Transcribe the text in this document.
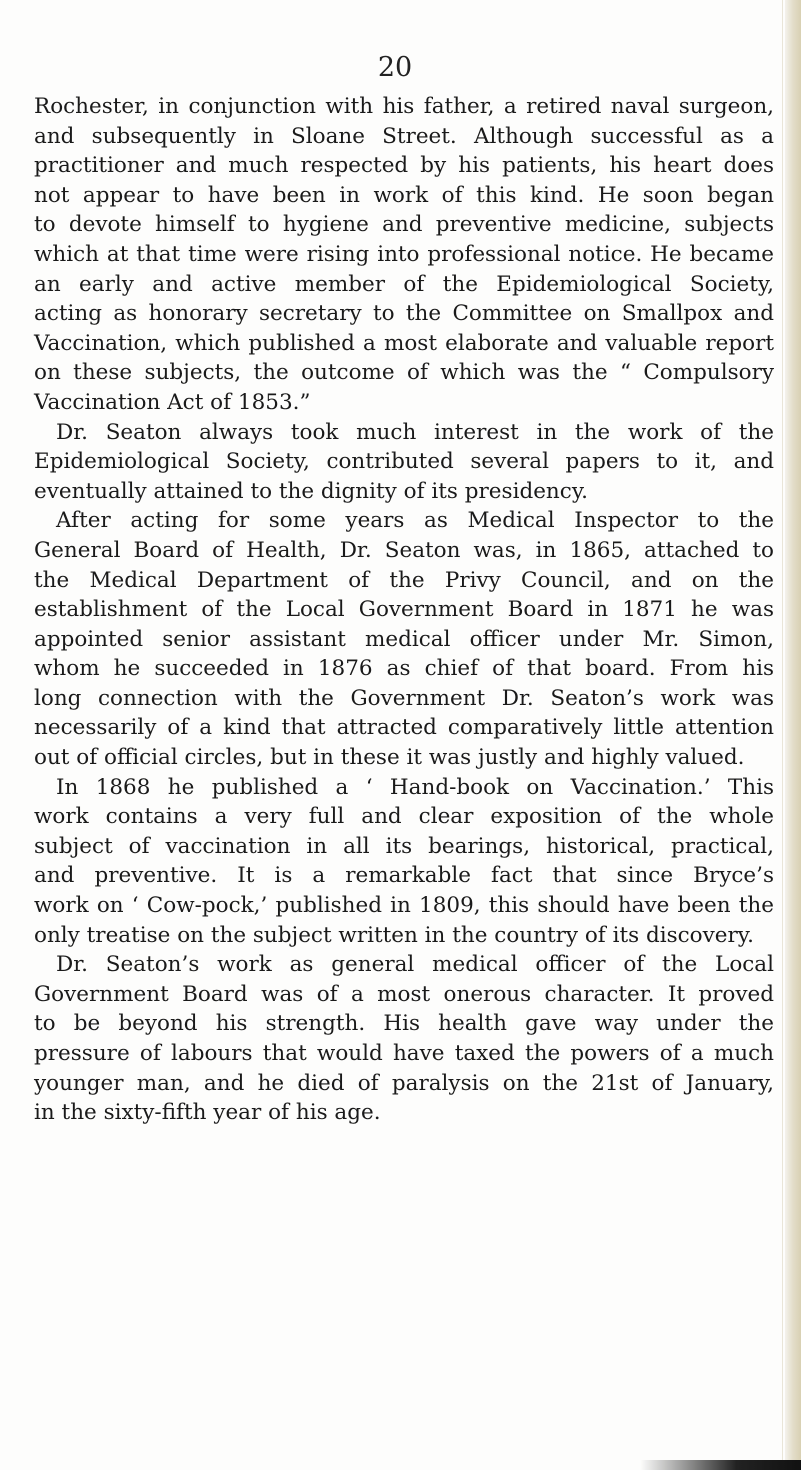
20
Rochester, in conjunction with his father, a retired naval surgeon,
and subsequently in Sloane Street. Although successful as a
practitioner and much respected by his patients, his heart does
not appear to have been in work of this kind. He soon began
to devote himself to hygiene and preventive medicine, subjects
which at that time were rising into professional notice. He became
an early and active member of the Epidemiological Society,
acting as honorary secretary to the Committee on Smallpox and
Vaccination, which published a most elaborate and valuable report
on these subjects, the outcome of which was the “ Compulsory
Vaccination Act of 1853.”
Dr. Seaton always took much interest in the work of the
Epidemiological Society, contributed several papers to it, and
eventually attained to the dignity of its presidency.
After acting for some years as Medical Inspector to the
General Board of Health, Dr. Seaton was, in 1865, attached to
the Medical Department of the Privy Council, and on the
establishment of the Local Government Board in 1871 he was
appointed senior assistant medical officer under Mr. Simon,
whom he succeeded in 1876 as chief of that board. From his
long connection with the Government Dr. Seaton’s work was
necessarily of a kind that attracted comparatively little attention
out of official circles, but in these it was justly and highly valued.
In 1868 he published a ‘ Hand-book on Vaccination.’ This
work contains a very full and clear exposition of the whole
subject of vaccination in all its bearings, historical, practical,
and preventive. It is a remarkable fact that since Bryce’s
work on ‘ Cow-pock,’ published in 1809, this should have been the
only treatise on the subject written in the country of its discovery.
Dr. Seaton’s work as general medical officer of the Local
Government Board was of a most onerous character. It proved
to be beyond his strength. His health gave way under the
pressure of labours that would have taxed the powers of a much
younger man, and he died of paralysis on the 21st of January,
in the sixty-fifth year of his age.
